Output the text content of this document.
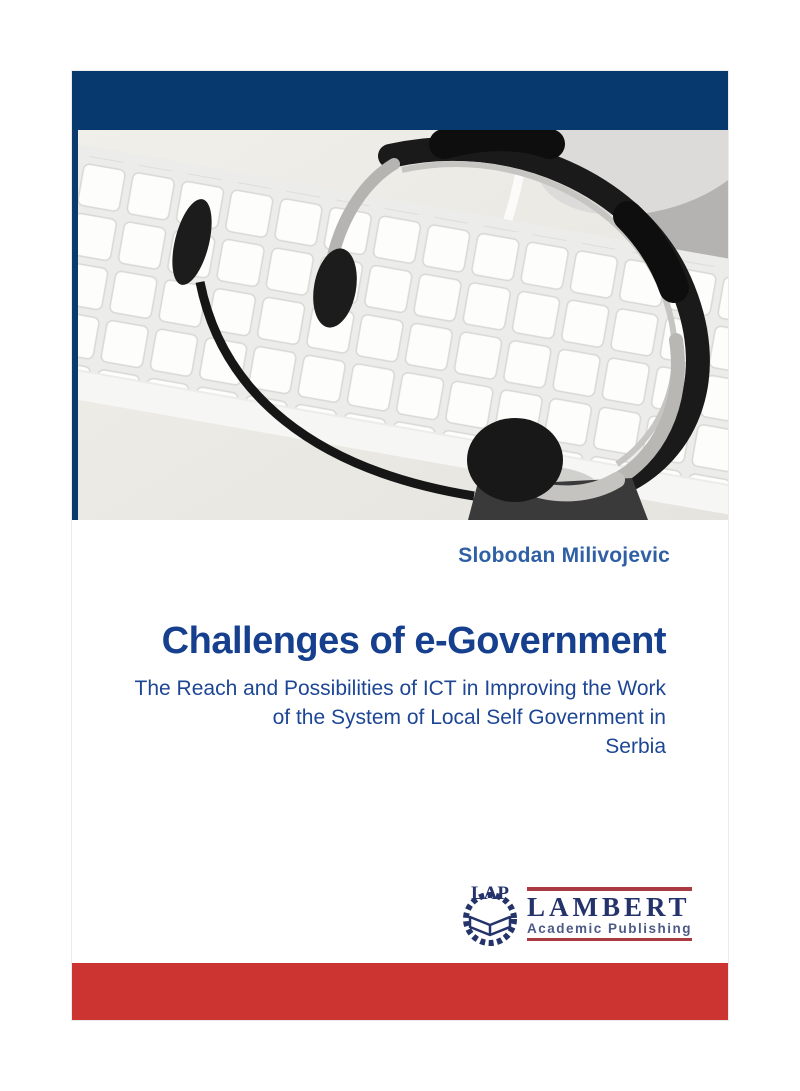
Slobodan Milivojevic
Challenges of e-Government
The Reach and Possibilities of ICT in Improving the Work
of the System of Local Self Government in
Serbia
LAP LAMBERT
Academic Publishing
